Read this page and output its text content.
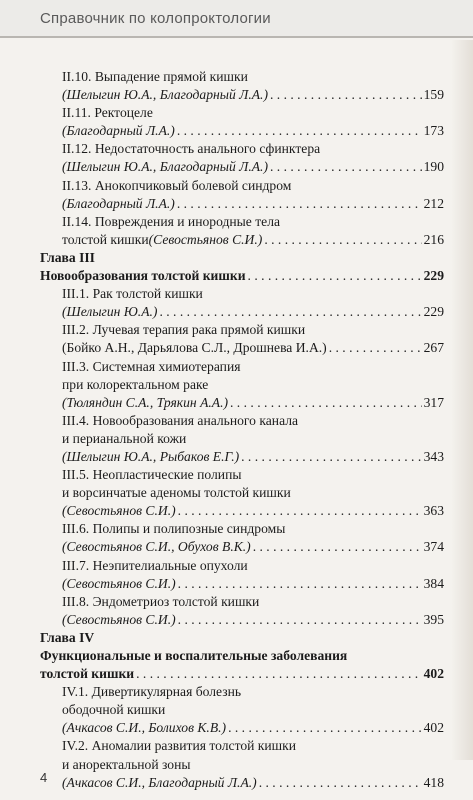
Справочник по колопроктологии
II.10. Выпадение прямой кишки
(Шелыгин Ю.А., Благодарный Л.А.) . . .	159
II.11. Ректоцеле
(Благодарный Л.А.) . . .	173
II.12. Недостаточность анального сфинктера
(Шелыгин Ю.А., Благодарный Л.А.) . . .	190
II.13. Анокопчиковый болевой синдром
(Благодарный Л.А.) . . .	212
II.14. Повреждения и инородные тела
толстой кишки (Севостьянов С.И.) . . .	216
Глава III
Новообразования толстой кишки . . .	229
III.1. Рак толстой кишки
(Шелыгин Ю.А.) . . .	229
III.2. Лучевая терапия рака прямой кишки
(Бойко А.Н., Дарьялова С.Л., Дрошнева И.А.) . . .	267
III.3. Системная химиотерапия
при колоректальном раке
(Тюляндин С.А., Трякин А.А.) . . .	317
III.4. Новообразования анального канала
и перианальной кожи
(Шелыгин Ю.А., Рыбаков Е.Г.) . . .	343
III.5. Неопластические полипы
и ворсинчатые аденомы толстой кишки
(Севостьянов С.И.) . . .	363
III.6. Полипы и полипозные синдромы
(Севостьянов С.И., Обухов В.К.) . . .	374
III.7. Неэпителиальные опухоли
(Севостьянов С.И.) . . .	384
III.8. Эндометриоз толстой кишки
(Севостьянов С.И.) . . .	395
Глава IV
Функциональные и воспалительные заболевания
толстой кишки . . .	402
IV.1. Дивертикулярная болезнь
ободочной кишки
(Ачкасов С.И., Болихов К.В.) . . .	402
IV.2. Аномалии развития толстой кишки
и аноректальной зоны
(Ачкасов С.И., Благодарный Л.А.) . . .	418
4
